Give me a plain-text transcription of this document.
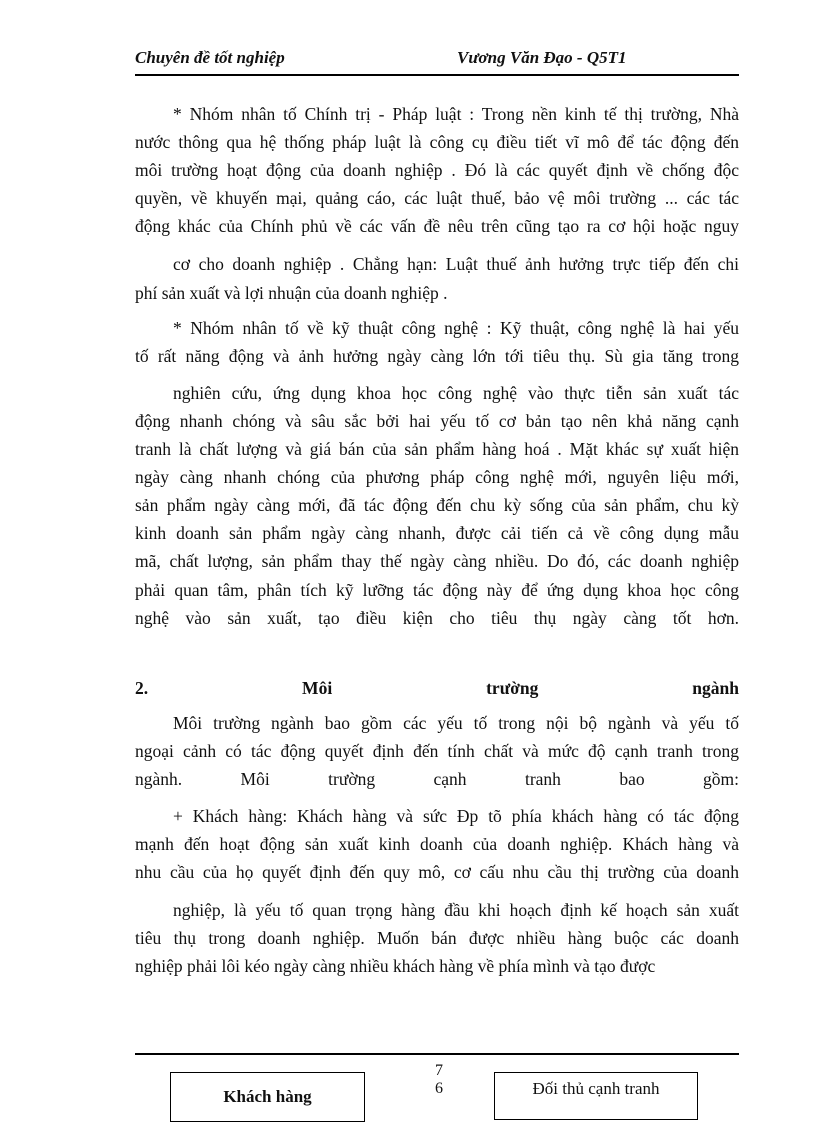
Chuyên đề tốt nghiệp	Vương Văn Đạo - Q5T1
* Nhóm nhân tố Chính trị - Pháp luật : Trong nền kinh tế thị trường, Nhà
nước thông qua hệ thống pháp luật là công cụ điều tiết vĩ mô để tác động đến
môi trường hoạt động của doanh nghiệp . Đó là các quyết định về chống độc
quyền, về khuyến mại, quảng cáo, các luật thuế, bảo vệ môi trường ... các tác
động khác của Chính phủ về các vấn đề nêu trên cũng tạo ra cơ hội hoặc nguy
cơ cho doanh nghiệp . Chẳng hạn: Luật thuế ảnh hưởng trực tiếp đến chi
phí sản xuất và lợi nhuận của doanh nghiệp .
* Nhóm nhân tố về kỹ thuật công nghệ : Kỹ thuật, công nghệ là hai yếu
tố rất năng động và ảnh hưởng ngày càng lớn tới tiêu thụ. Sù gia tăng trong
nghiên cứu, ứng dụng khoa học công nghệ vào thực tiễn sản xuất tác
động nhanh chóng và sâu sắc bởi hai yếu tố cơ bản tạo nên khả năng cạnh
tranh là chất lượng và giá bán của sản phẩm hàng hoá . Mặt khác sự xuất hiện
ngày càng nhanh chóng của phương pháp công nghệ mới, nguyên liệu mới,
sản phẩm ngày càng mới, đã tác động đến chu kỳ sống của sản phẩm, chu kỳ
kinh doanh sản phẩm ngày càng nhanh, được cải tiến cả về công dụng mẫu
mã, chất lượng, sản phẩm thay thế ngày càng nhiều. Do đó, các doanh nghiệp
phải quan tâm, phân tích kỹ lưỡng tác động này để ứng dụng khoa học công
nghệ vào sản xuất, tạo điều kiện cho tiêu thụ ngày càng tốt hơn.
2. Môi trường ngành
Môi trường ngành bao gồm các yếu tố trong nội bộ ngành và yếu tố
ngoại cảnh có tác động quyết định đến tính chất và mức độ cạnh tranh trong
ngành. Môi trường cạnh tranh bao gồm:
+ Khách hàng: Khách hàng và sức Ðp tõ phía khách hàng có tác động
mạnh đến hoạt động sản xuất kinh doanh của doanh nghiệp. Khách hàng và
nhu cầu của họ quyết định đến quy mô, cơ cấu nhu cầu thị trường của doanh
nghiệp, là yếu tố quan trọng hàng đầu khi hoạch định kế hoạch sản xuất
tiêu thụ trong doanh nghiệp. Muốn bán được nhiều hàng buộc các doanh
nghiệp phải lôi kéo ngày càng nhiều khách hàng về phía mình và tạo được
7
6
Khách hàng	Đối thủ cạnh tranh
